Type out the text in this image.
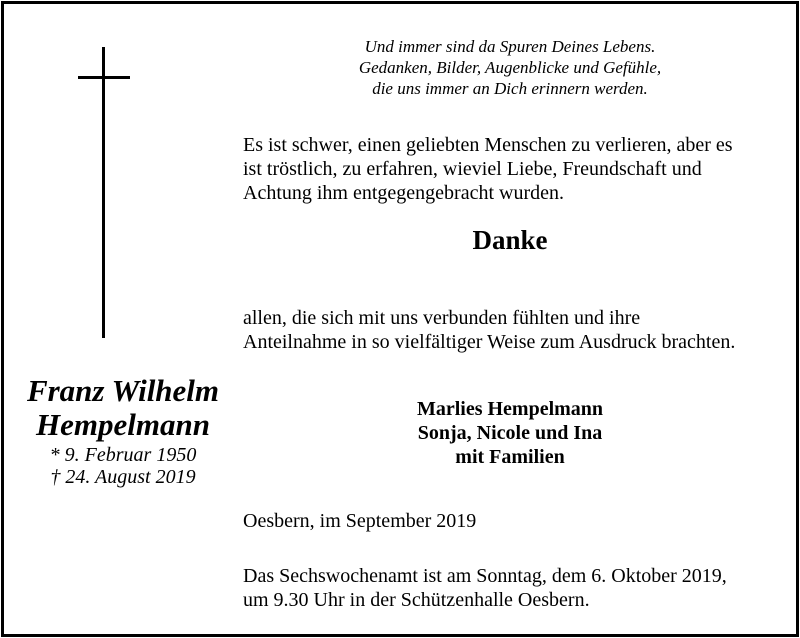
Und immer sind da Spuren Deines Lebens.
Gedanken, Bilder, Augenblicke und Gefühle,
die uns immer an Dich erinnern werden.
Es ist schwer, einen geliebten Menschen zu verlieren, aber es
ist tröstlich, zu erfahren, wieviel Liebe, Freundschaft und
Achtung ihm entgegengebracht wurden.
Danke
allen, die sich mit uns verbunden fühlten und ihre
Anteilnahme in so vielfältiger Weise zum Ausdruck brachten.
Franz Wilhelm
Hempelmann
* 9. Februar 1950
† 24. August 2019
Marlies Hempelmann
Sonja, Nicole und Ina
mit Familien
Oesbern, im September 2019
Das Sechswochenamt ist am Sonntag, dem 6. Oktober 2019,
um 9.30 Uhr in der Schützenhalle Oesbern.
